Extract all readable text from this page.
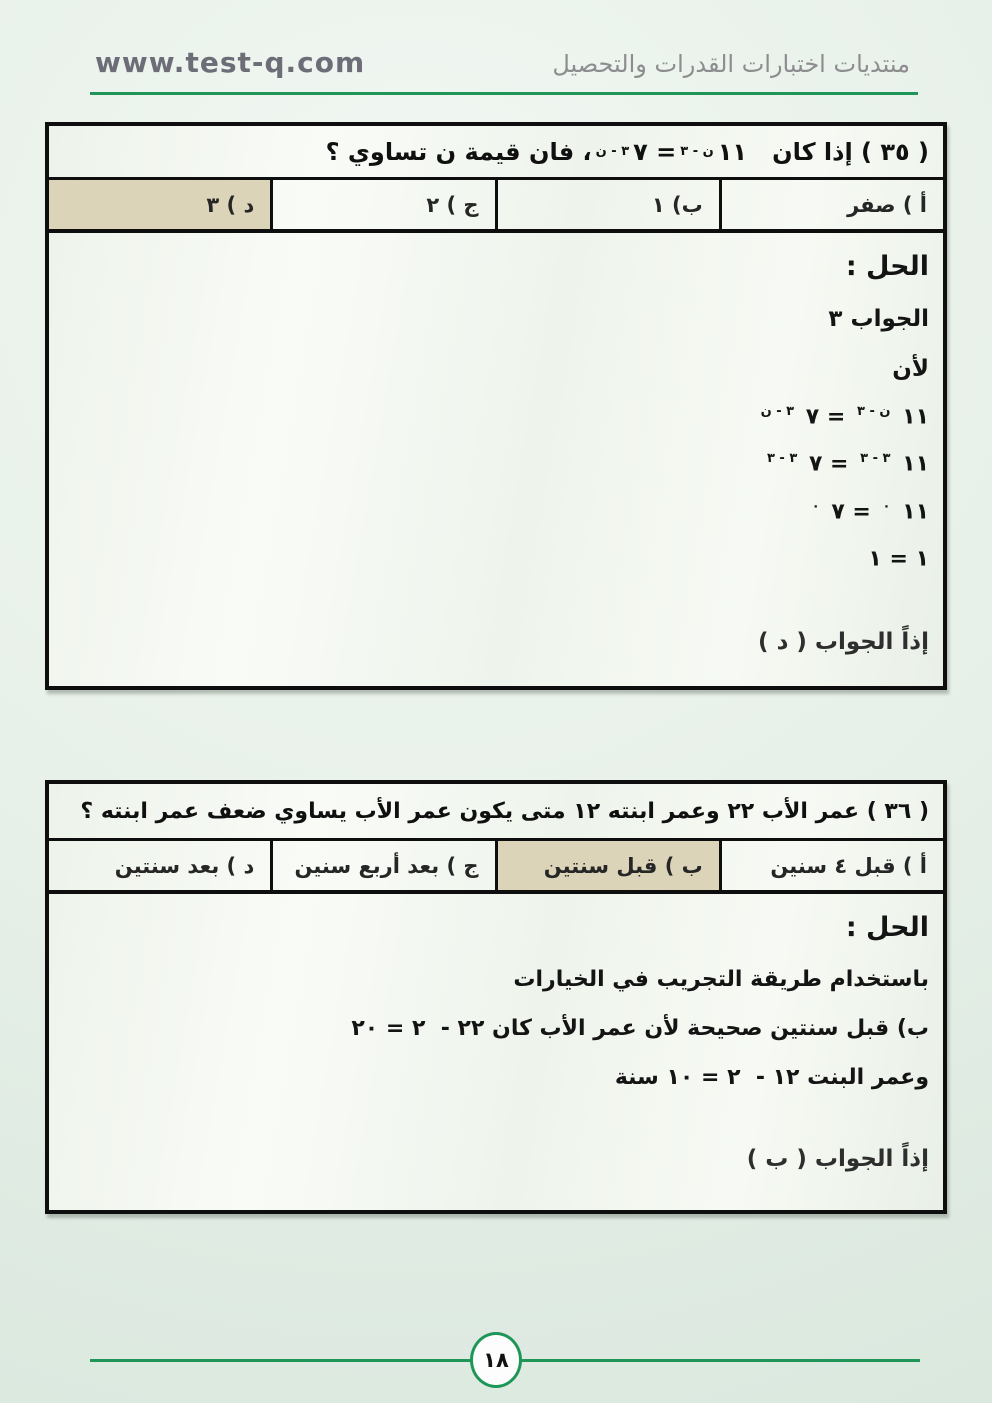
www.test-q.com	منتديات اختبارات القدرات والتحصيل
( ٣٥ ) إذا كان   ١١
ن - ٣
= ٧
٣ - ن
، فان قيمة ن تساوي ؟
أ ) صفر
ب) ١
ج ) ٢
د ) ٣
الحل :
الجواب ٣
لأن
١١ $^{ن - ٣}$ = ٧ $^{٣ - ن}$
١١ $^{٣ - ٣}$ = ٧ $^{٣ - ٣}$
١١ $^٠$ = ٧ $^٠$
١ = ١
إذاً الجواب ( د )
( ٣٦ ) عمر الأب ٢٢ وعمر ابنته ١٢ متى يكون عمر الأب يساوي ضعف عمر ابنته ؟
أ ) قبل ٤ سنين
ب ) قبل سنتين
ج ) بعد أربع سنين
د ) بعد سنتين
الحل :
باستخدام طريقة التجريب في الخيارات
ب) قبل سنتين صحيحة لأن عمر الأب كان ٢٢ -  ٢ = ٢٠
وعمر البنت ١٢ -  ٢ = ١٠ سنة
إذاً الجواب ( ب )
١٨
